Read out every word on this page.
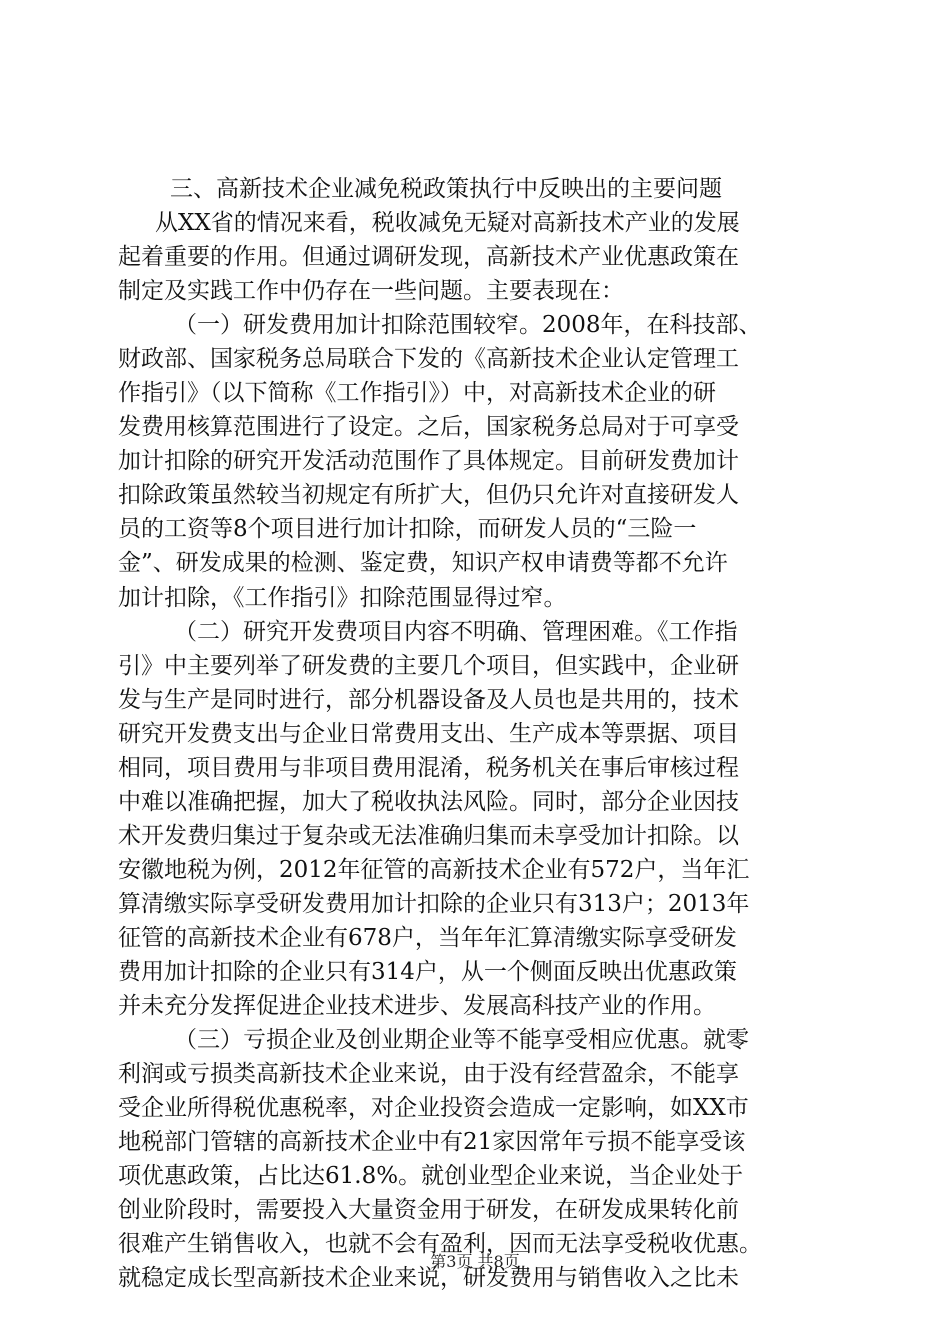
三、高新技术企业减免税政策执行中反映出的主要问题
从XX省的情况来看，税收减免无疑对高新技术产业的发展
起着重要的作用。但通过调研发现，高新技术产业优惠政策在
制定及实践工作中仍存在一些问题。主要表现在：
（一）研发费用加计扣除范围较窄。2008年，在科技部、
财政部、国家税务总局联合下发的《高新技术企业认定管理工
作指引》（以下简称《工作指引》）中，对高新技术企业的研
发费用核算范围进行了设定。之后，国家税务总局对于可享受
加计扣除的研究开发活动范围作了具体规定。目前研发费加计
扣除政策虽然较当初规定有所扩大，但仍只允许对直接研发人
员的工资等8个项目进行加计扣除，而研发人员的“三险一
金”、研发成果的检测、鉴定费，知识产权申请费等都不允许
加计扣除，《工作指引》扣除范围显得过窄。
（二）研究开发费项目内容不明确、管理困难。《工作指
引》中主要列举了研发费的主要几个项目，但实践中，企业研
发与生产是同时进行，部分机器设备及人员也是共用的，技术
研究开发费支出与企业日常费用支出、生产成本等票据、项目
相同，项目费用与非项目费用混淆，税务机关在事后审核过程
中难以准确把握，加大了税收执法风险。同时，部分企业因技
术开发费归集过于复杂或无法准确归集而未享受加计扣除。以
安徽地税为例，2012年征管的高新技术企业有572户，当年汇
算清缴实际享受研发费用加计扣除的企业只有313户；2013年
征管的高新技术企业有678户，当年年汇算清缴实际享受研发
费用加计扣除的企业只有314户，从一个侧面反映出优惠政策
并未充分发挥促进企业技术进步、发展高科技产业的作用。
（三）亏损企业及创业期企业等不能享受相应优惠。就零
利润或亏损类高新技术企业来说，由于没有经营盈余，不能享
受企业所得税优惠税率，对企业投资会造成一定影响，如XX市
地税部门管辖的高新技术企业中有21家因常年亏损不能享受该
项优惠政策，占比达61.8%。就创业型企业来说，当企业处于
创业阶段时，需要投入大量资金用于研发，在研发成果转化前
很难产生销售收入，也就不会有盈利，因而无法享受税收优惠。
就稳定成长型高新技术企业来说，研发费用与销售收入之比未
第3页 共8页
